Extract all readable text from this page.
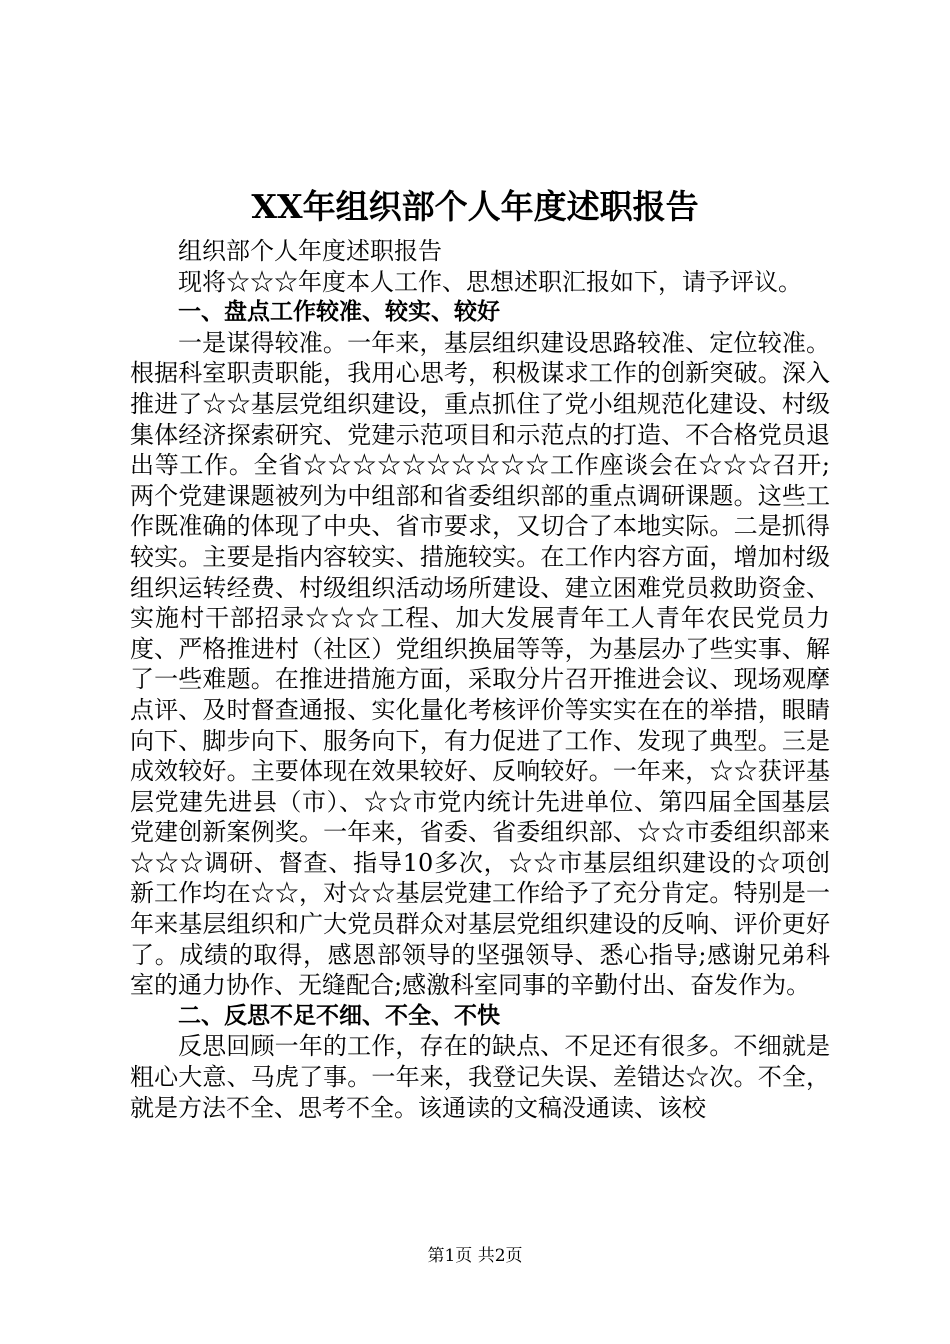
XX年组织部个人年度述职报告

组织部个人年度述职报告

现将☆☆☆年度本人工作、思想述职汇报如下，请予评议。

一、盘点工作较准、较实、较好

一是谋得较准。一年来，基层组织建设思路较准、定位较准。根据科室职责职能，我用心思考，积极谋求工作的创新突破。深入推进了☆☆基层党组织建设，重点抓住了党小组规范化建设、村级集体经济探索研究、党建示范项目和示范点的打造、不合格党员退出等工作。全省☆☆☆☆☆☆☆☆☆☆工作座谈会在☆☆☆召开;两个党建课题被列为中组部和省委组织部的重点调研课题。这些工作既准确的体现了中央、省市要求，又切合了本地实际。二是抓得较实。主要是指内容较实、措施较实。在工作内容方面，增加村级组织运转经费、村级组织活动场所建设、建立困难党员救助资金、实施村干部招录☆☆☆工程、加大发展青年工人青年农民党员力度、严格推进村（社区）党组织换届等等，为基层办了些实事、解了一些难题。在推进措施方面，采取分片召开推进会议、现场观摩点评、及时督查通报、实化量化考核评价等实实在在的举措，眼睛向下、脚步向下、服务向下，有力促进了工作、发现了典型。三是成效较好。主要体现在效果较好、反响较好。一年来，☆☆获评基层党建先进县（市）、☆☆市党内统计先进单位、第四届全国基层党建创新案例奖。一年来，省委、省委组织部、☆☆市委组织部来☆☆☆调研、督查、指导10多次，☆☆市基层组织建设的☆项创新工作均在☆☆，对☆☆基层党建工作给予了充分肯定。特别是一年来基层组织和广大党员群众对基层党组织建设的反响、评价更好了。成绩的取得，感恩部领导的坚强领导、悉心指导;感谢兄弟科室的通力协作、无缝配合;感激科室同事的辛勤付出、奋发作为。

二、反思不足不细、不全、不快

反思回顾一年的工作，存在的缺点、不足还有很多。不细就是粗心大意、马虎了事。一年来，我登记失误、差错达☆次。不全，就是方法不全、思考不全。该通读的文稿没通读、该校

第1页 共2页
